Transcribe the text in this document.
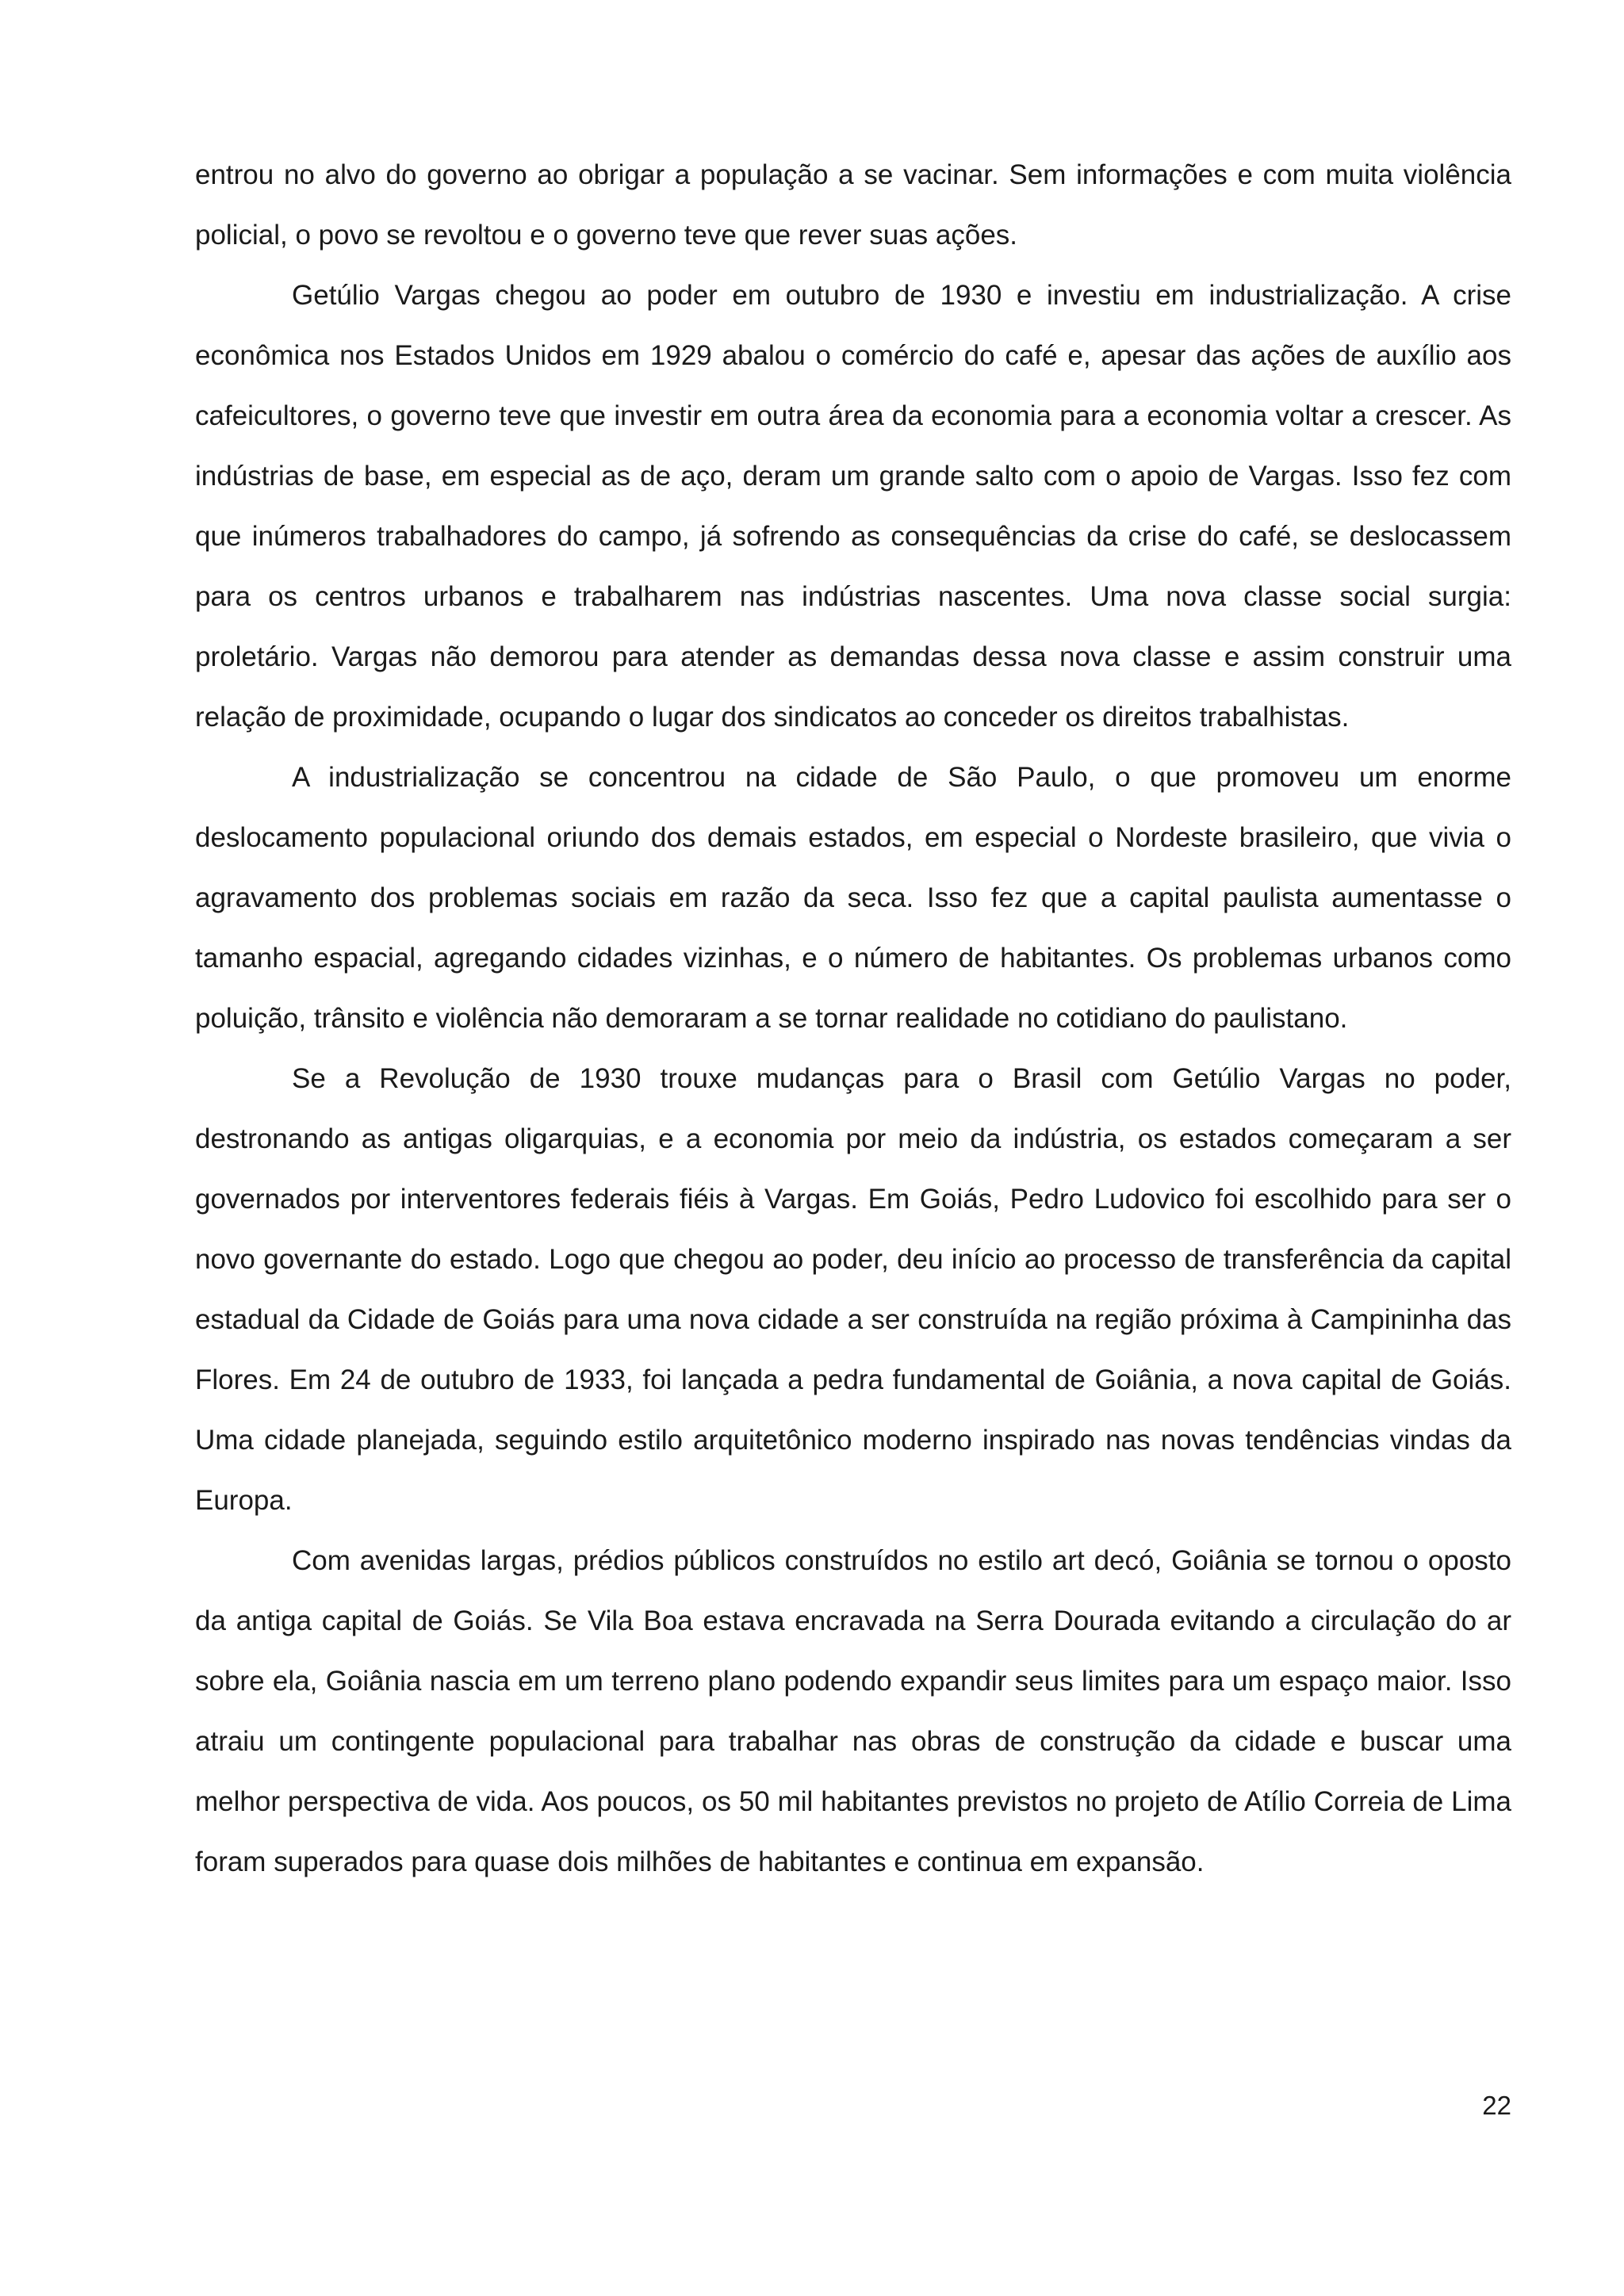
entrou no alvo do governo ao obrigar a população a se vacinar. Sem informações e com muita violência policial, o povo se revoltou e o governo teve que rever suas ações.

Getúlio Vargas chegou ao poder em outubro de 1930 e investiu em industrialização. A crise econômica nos Estados Unidos em 1929 abalou o comércio do café e, apesar das ações de auxílio aos cafeicultores, o governo teve que investir em outra área da economia para a economia voltar a crescer. As indústrias de base, em especial as de aço, deram um grande salto com o apoio de Vargas. Isso fez com que inúmeros trabalhadores do campo, já sofrendo as consequências da crise do café, se deslocassem para os centros urbanos e trabalharem nas indústrias nascentes. Uma nova classe social surgia: proletário. Vargas não demorou para atender as demandas dessa nova classe e assim construir uma relação de proximidade, ocupando o lugar dos sindicatos ao conceder os direitos trabalhistas.

A industrialização se concentrou na cidade de São Paulo, o que promoveu um enorme deslocamento populacional oriundo dos demais estados, em especial o Nordeste brasileiro, que vivia o agravamento dos problemas sociais em razão da seca. Isso fez que a capital paulista aumentasse o tamanho espacial, agregando cidades vizinhas, e o número de habitantes. Os problemas urbanos como poluição, trânsito e violência não demoraram a se tornar realidade no cotidiano do paulistano.

Se a Revolução de 1930 trouxe mudanças para o Brasil com Getúlio Vargas no poder, destronando as antigas oligarquias, e a economia por meio da indústria, os estados começaram a ser governados por interventores federais fiéis à Vargas. Em Goiás, Pedro Ludovico foi escolhido para ser o novo governante do estado. Logo que chegou ao poder, deu início ao processo de transferência da capital estadual da Cidade de Goiás para uma nova cidade a ser construída na região próxima à Campininha das Flores. Em 24 de outubro de 1933, foi lançada a pedra fundamental de Goiânia, a nova capital de Goiás. Uma cidade planejada, seguindo estilo arquitetônico moderno inspirado nas novas tendências vindas da Europa.

Com avenidas largas, prédios públicos construídos no estilo art decó, Goiânia se tornou o oposto da antiga capital de Goiás. Se Vila Boa estava encravada na Serra Dourada evitando a circulação do ar sobre ela, Goiânia nascia em um terreno plano podendo expandir seus limites para um espaço maior. Isso atraiu um contingente populacional para trabalhar nas obras de construção da cidade e buscar uma melhor perspectiva de vida. Aos poucos, os 50 mil habitantes previstos no projeto de Atílio Correia de Lima foram superados para quase dois milhões de habitantes e continua em expansão.

22
